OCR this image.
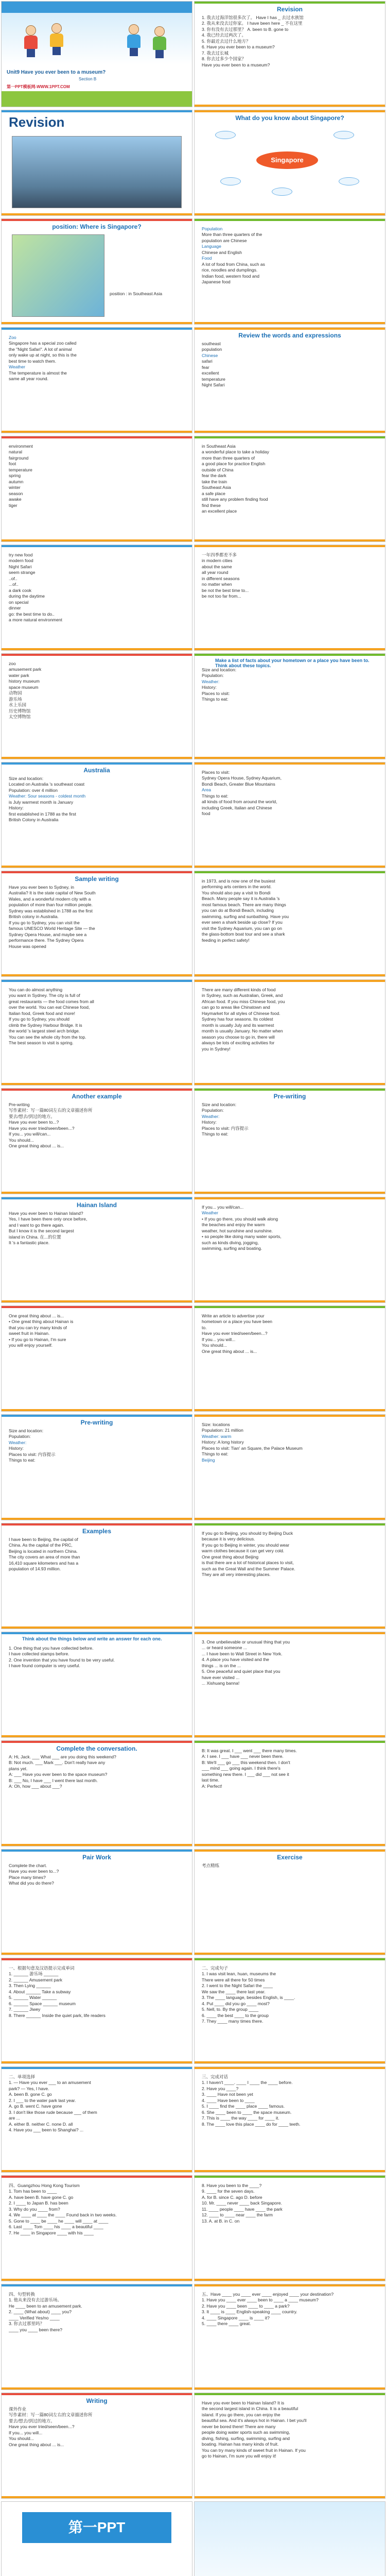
Unit9 Have you ever been to a museum?
Section B
第一PPT模板网-WWW.1PPT.COM
Revision
1. 我去过海洋馆很多次了。 Have I has _ 去过水族馆
2. 我从来没去过你家。 I have been here _ 不在这里
3. 你有没有去过那里？ A. been to B. gone to
4. 我已经去过两次了。
5. 你最近去过什么地方？
6. Have you ever been to a museum?
7. 我去过长城
8. 你去过多少个国家？
Have you ever been to a museum?
Revision	What do you know about Singapore?
Singapore
position: Where is Singapore?
position : in Southeast Asia
Population
More than three quarters of the
population are Chinese
Language
Chinese and English
Food
A lot of food from China, such as
rice, noodles and dumplings.
Indian food, western food and
Japanese food
Zoo
Singapore has a special zoo called
the "Night Safari". A lot of animal
only wake up at night, so this is the
best time to watch them.
Weather
The temperature is almost the
same all year round.
Review the words and expressions
southeast
population
Chinese
safari
fear
excellent
temperature
Night Safari
environment
natural
fairground
foot
temperature
spring
autumn
winter
season
awake
tiger
in Southeast Asia
a wonderful place to take a holiday
more than three quarters of
a good place for practice English
outside of China
fear the dark
take the train
Southeast Asia
a safe place
still have any problem finding food
find these
an excellent place
try new food
modern food
Night Safari
seem strange
..of..
...of..
a dark cook
during the daytime
on special
dinner
go: the best time to do..
a more natural environment
一年四季都差不多
in modern cities
about the same
all year round
in different seasons
no matter when
be not the best time to...
be not too far from...
zoo
amusement park
water park
history museum
space museum
动物园
游乐场
水上乐园
历史博物馆
太空博物馆
Make a list of facts about your hometown or a place you have been to. Think about these topics.
Size and location:
Population:
Weather:
History:
Places to visit:
Things to eat:
Australia
Size and location:
Located on Australia 's southeast coast
Population: over 4 million
Weather: Sour seasons - coldest month
is July warmest month is January
History:
first established in 1788 as the first
British Colony in Australia
Places to visit:
Sydney Opera House, Sydney Aquarium,
Bondi Beach, Greater Blue Mountains
Area
Things to eat:
all kinds of food from around the world,
including Greek, Italian and Chinese
food
Sample writing
Have you ever been to Sydney, in
Australia? It is the state capital of New South
Wales, and a wonderful modern city with a
population of more than four million people.
Sydney was established in 1788 as the first
British colony in Australia.
If you go to Sydney, you can visit the
famous UNESCO World Heritage Site — the
Sydney Opera House, and maybe see a
performance there. The Sydney Opera
House was opened
in 1973, and is now one of the busiest
performing arts centers in the world.
You should also pay a visit to Bondi
Beach. Many people say it is Australia 's
most famous beach. There are many things
you can do at Bondi Beach, including
swimming, surfing and sunbathing. Have you
ever seen a shark beside up close? If you
visit the Sydney Aquarium, you can go on
the glass-bottom boat tour and see a shark
feeding in perfect safety!
You can do almost anything
you want in Sydney. The city is full of
great restaurants — the food comes from all
over the world. You can eat Chinese food,
Italian food, Greek food and more!
If you go to Sydney, you should
climb the Sydney Harbour Bridge. It is
the world 's largest steel arch bridge.
You can see the whole city from the top.
The best season to visit is spring.
There are many different kinds of food
in Sydney, such as Australian, Greek, and
African food. If you miss Chinese food, you
can go to areas like Chinatown and
Haymarket for all styles of Chinese food.
Sydney has four seasons. Its coldest
month is usually July and its warmest
month is usually January. No matter when
season you choose to go in, there will
always be lots of exciting activities for
you in Sydney!
Another example
Pre-writing
写作素材：写一篇80词左右的文章描述你所
要去/想去/到过的地方。
Have you ever been to...?
Have you ever tried/seen/been...?
If you... you will/can...
You should...
One great thing about ... is...
Pre-writing
Size and location:
Population:
Weather:
History:
Places to visit: 内容提示
Things to eat:
Hainan Island
Have you ever been to Hainan Island?
Yes, I have been there only once before,
and I want to go there again.
But I know it is the second largest
island in China. 在...的位置
It 's a fantastic place.
If you... you will/can...
Weather
• If you go there, you should walk along
the beaches and enjoy the warm
weather, hot sunshine and sunshine.
• so people like doing many water sports,
such as kinds diving, jogging,
swimming, surfing and boating.
One great thing about ... is...
• One great thing about Hainan is
that you can try many kinds of
sweet fruit in Hainan.
• If you go to Hainan, I'm sure
you will enjoy yourself.
Write an article to advertise your
hometown or a place you have been
to.
Have you ever tried/seen/been...?
If you... you will...
You should...
One great thing about ... is...
Pre-writing
Size and location:
Population:
Weather:
History:
Places to visit: 内容提示
Things to eat:
Size: locations
Population: 21 million
Weather: warm
History: A long history
Places to visit: Tian' an Square, the Palace Museum
Things to eat:
Beijing
Examples
I have been to Beijing, the capital of
China. As the capital of the PRC,
Beijing is located in northern China.
The city covers an area of more than
16,410 square kilometers and has a
population of 14.93 million.
If you go to Beijing, you should try Beijing Duck
because it is very delicious.
If you go to Beijing in winter, you should wear
warm clothes because it can get very cold.
One great thing about Beijing
is that there are a lot of historical places to visit,
such as the Great Wall and the Summer Palace.
They are all very interesting places.
Think about the things below and write an answer for each one.
1. One thing that you have collected before.
I have collected stamps before.
2. One invention that you have found to be very useful.
I have found computer is very useful.
3. One unbelievable or unusual thing that you
... or heard someone ...
... I have been to Wall Street in New York.
4. A place you have visited and the
things ... is on the ...
5. One peaceful and quiet place that you
have ever visited ...
... Xishuang banna!
Complete the conversation.
A: Hi, Jack. ___ What ___ are you doing this weekend?
B: Not much. ___ Mark ___. Don't really have any
plans yet.
A: ___ Have you ever been to the space museum?
B: ___ No, I have ___ I went there last month.
A: Oh, how ___ about ___?
B: It was great. I ___ went ___ there many times.
A: I see. I ___ have ___ never been there.
B: We'll ___ go ___ this weekend then. I don't
___ mind ___ going again. I think there's
something new there. I ___ did ___ not see it
last time.
A: Perfect!
Pair Work
Complete the chart.
Have you ever been to...?
Place many times?
What did you do there?
Exercise
考点精练
一、根据句意及汉语提示完成单词
1. ______ 游乐场 ______
2. ______ Amusement park
3. Then Lying ______
4. About ______ Take a subway
5. ______ Water ______
6. ______ Space ______ museum
7. ______ Jiwey
8. There ______ Inside the quiet park, life readers
二、完成句子
1. I was visit lean, huan, museums the
There were all there for 50 times
2. I went to the Night Safari the ____
We saw the ____ there last year.
3. The ____ language, besides English, is ____.
4. Put ____ did you go ____ most?
5. Nell, to. By the group ____
6. ____ the best ____ to the group
7. They ____ many times there.
二、单项选择
1. — Have you ever ___ to an amusement
park? — Yes, I have.
A. been B. gone C. go
2. I ___ to the water park last year.
A. go B. went C. have gone
3. I don't like those rude because ___ of them
are ...
A. either B. neither C. none D. all
4. Have you ___ been to Shanghai? ...
三、完成对话
1. I haven't ____. ____ I ____ the ____ before.
2. Have you ____?
3. ____ Have not been yet
4. ____ Have been to ____
5. I ____ find the ____ place ____ famous.
6. She ____ been to ____ the space museum.
7. This is ____ the way ____ for ____ it.
8. The ____ love this place ____ do for ____ teeth.
四、Guangzhou Hong Kong Tourism
1. Tom has been to ____
A. have been B. have gone C. go
2. I ____ to Japan B. has been
3. Why do you ____ from?
4. We ____ at ____ the ____ Found back in two weeks.
5. Gone to ____ be ____ he ____ will ____ at ____
6. Last ____ Tom ____ his ____ a beautiful ____
7. He ____ in Singapore ____ with his ____
8. Have you been to the ____?
9. ____ for the seven days.
A. for B. since C. ago D. before
10. Mr. ____ never ____ back Singapore.
11. ____ people ____ have ____ the park
12. ____ to ____ near ____ the farm
13. A. at B. in C. on
四、句型转换
1. 他从来没有去过游乐场。
He ____ been to an amusement park.
2. ____ (What about) ____ you?
____ Verified Yes/no ____
3. 你去过那里吗？
____ you ____ been there?
五、Have ____ you ____ ever ____ enjoyed ____ your destination?
1. Have you ____ ever ____ been to ____ a ____ museum?
2. Have you ____ been ____ to ____ a park?
3. It ____ is ____ English-speaking ____ country.
4. ____ Singapore ____ is ____ it?
5. ____ there ____ great.
Writing
课外作业
写作素材：写一篇80词左右的文章描述你所
要去/想去/到过的地方。
Have you ever tried/seen/been...?
If you... you will...
You should...
One great thing about ... is...
Have you ever been to Hainan Island? It is
the second largest island in China. It is a beautiful
island. If you go there, you can enjoy the
beautiful sea. And it's always hot in Hainan. I bet you'll
never be bored there! There are many
people doing water sports such as swimming,
diving, fishing, surfing, swimming, surfing and
boating. Hainan has many kinds of fruit.
You can try many kinds of sweet fruit in Hainan. If you
go to Hainan, I'm sure you will enjoy it!
第一PPT
